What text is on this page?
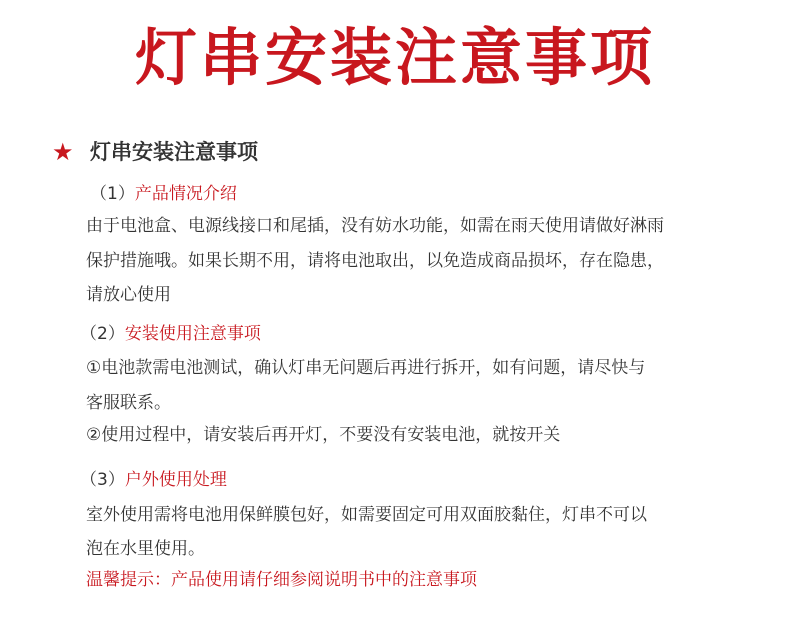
灯串安装注意事项
★ 灯串安装注意事项
（1）产品情况介绍
由于电池盒、电源线接口和尾插，没有妨水功能，如需在雨天使用请做好淋雨
保护措施哦。如果长期不用，请将电池取出，以免造成商品损坏，存在隐患，
请放心使用
（2）安装使用注意事项
①电池款需电池测试，确认灯串无问题后再进行拆开，如有问题，请尽快与
客服联系。
②使用过程中，请安装后再开灯，不要没有安装电池，就按开关
（3）户外使用处理
室外使用需将电池用保鲜膜包好，如需要固定可用双面胶黏住，灯串不可以
泡在水里使用。
温馨提示：产品使用请仔细参阅说明书中的注意事项
